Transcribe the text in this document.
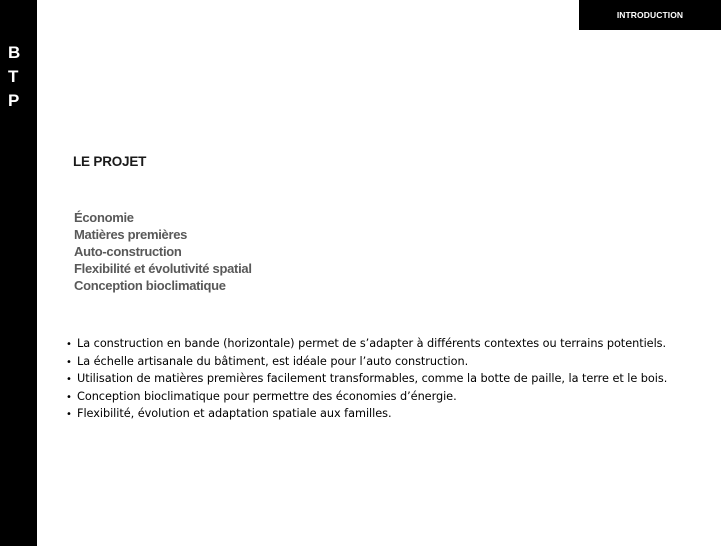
B
T
P
INTRODUCTION
LE PROJET
Économie
Matières premières
Auto-construction
Flexibilité et évolutivité spatial
Conception bioclimatique
• La construction en bande (horizontale) permet de s’adapter à différents contextes ou terrains potentiels.
• La échelle artisanale du bâtiment, est idéale pour l’auto construction.
• Utilisation de matières premières facilement transformables, comme la botte de paille, la terre et le bois.
• Conception bioclimatique pour permettre des économies d’énergie.
• Flexibilité, évolution et adaptation spatiale aux familles.
